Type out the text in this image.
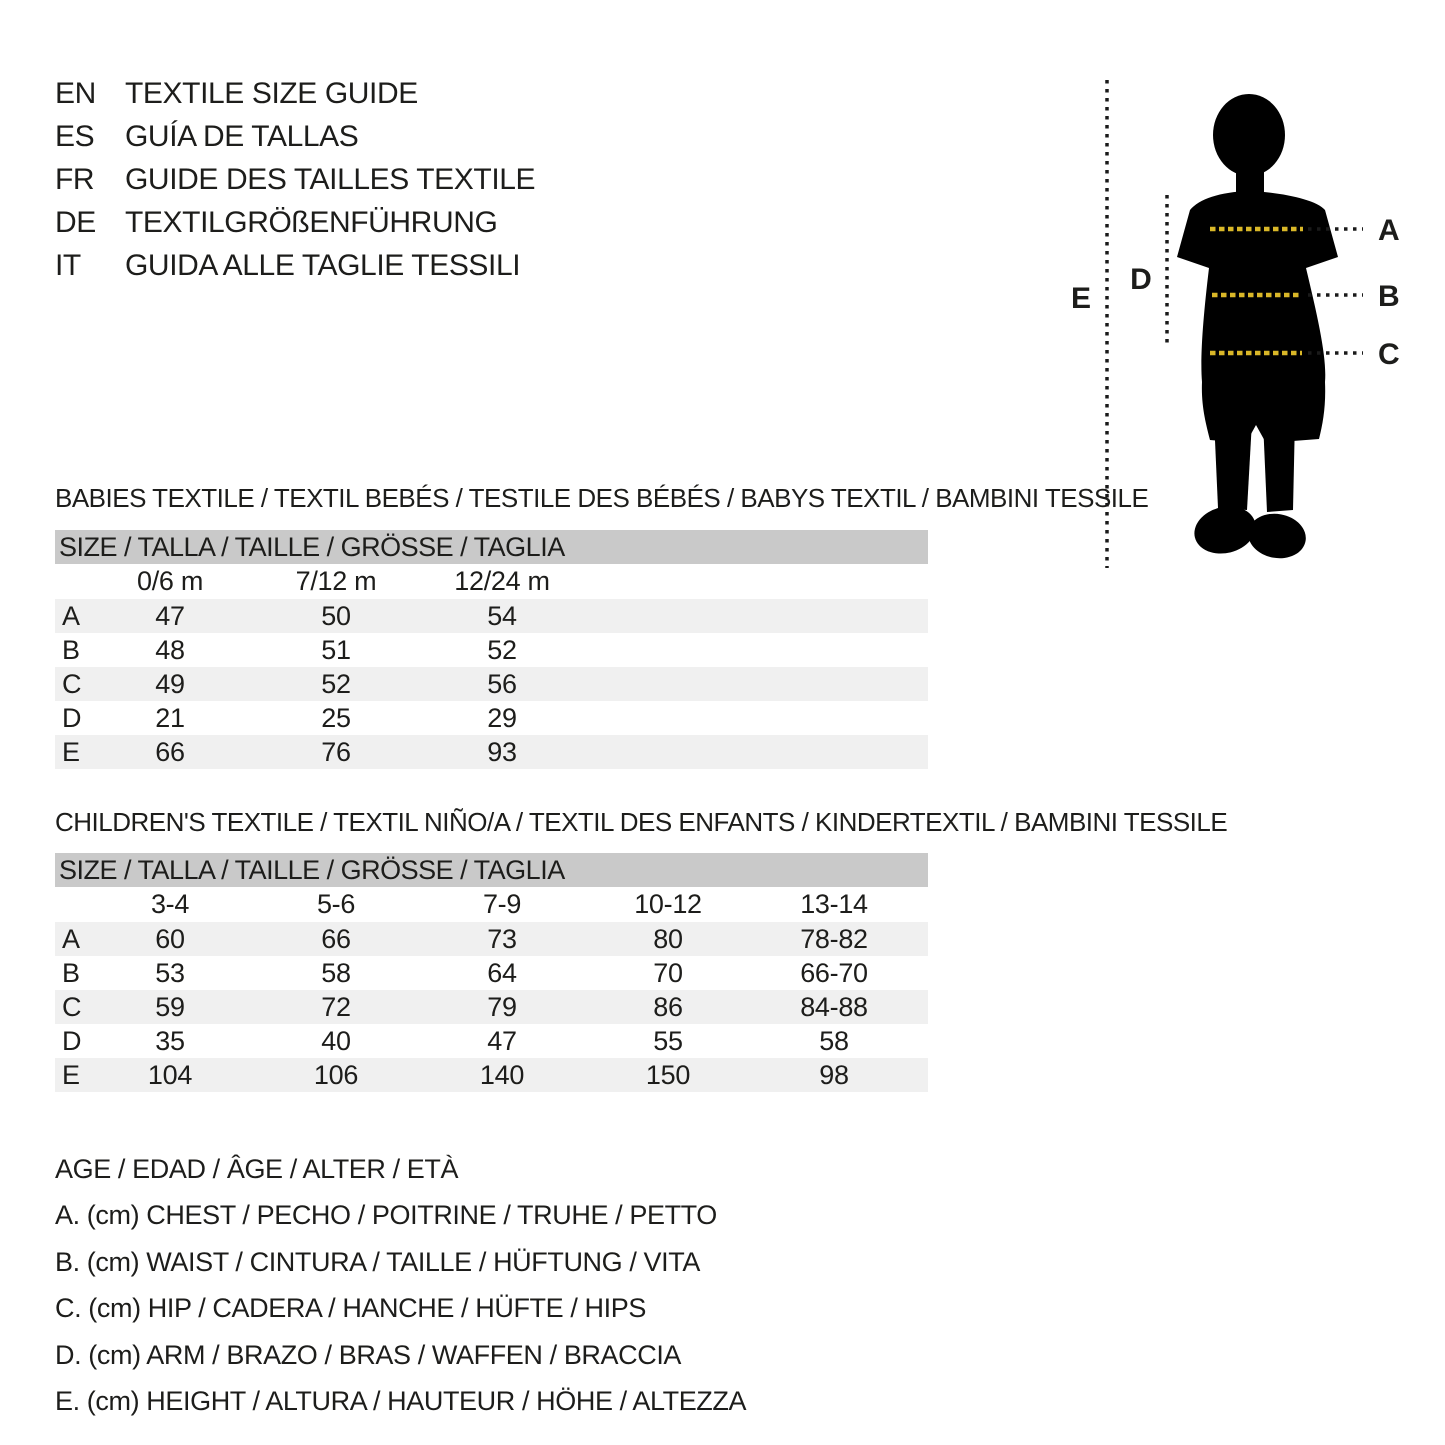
EN TEXTILE SIZE GUIDE
ES	GUÍA DE TALLAS
FR	GUIDE DES TAILLES TEXTILE
DE TEXTILGRÖßENFÜHRUNG
IT	GUIDA ALLE TAGLIE TESSILI
BABIES TEXTILE / TEXTIL BEBÉS / TESTILE DES BÉBÉS / BABYS TEXTIL / BAMBINI TESSILE
SIZE / TALLA / TAILLE / GRÖSSE / TAGLIA
0/6 m	7/12 m	12/24 m
A	47	50	54
B	48	51	52
C	49	52	56
D	21	25	29
E	66	76	93
CHILDREN'S TEXTILE / TEXTIL NIÑO/A / TEXTIL DES ENFANTS / KINDERTEXTIL / BAMBINI TESSILE
SIZE / TALLA / TAILLE / GRÖSSE / TAGLIA
3-4	5-6	7-9	10-12	13-14
A	60	66	73	80	78-82
B	53	58	64	70	66-70
C	59	72	79	86	84-88
D	35	40	47	55	58
E	104	106	140	150	98
AGE / EDAD / ÂGE / ALTER / ETÀ
A. (cm) CHEST / PECHO / POITRINE / TRUHE / PETTO
B. (cm) WAIST / CINTURA / TAILLE / HÜFTUNG / VITA
C. (cm) HIP / CADERA / HANCHE / HÜFTE / HIPS
D. (cm) ARM / BRAZO / BRAS / WAFFEN / BRACCIA
E. (cm) HEIGHT / ALTURA / HAUTEUR / HÖHE / ALTEZZA
E
D
A
B
C
